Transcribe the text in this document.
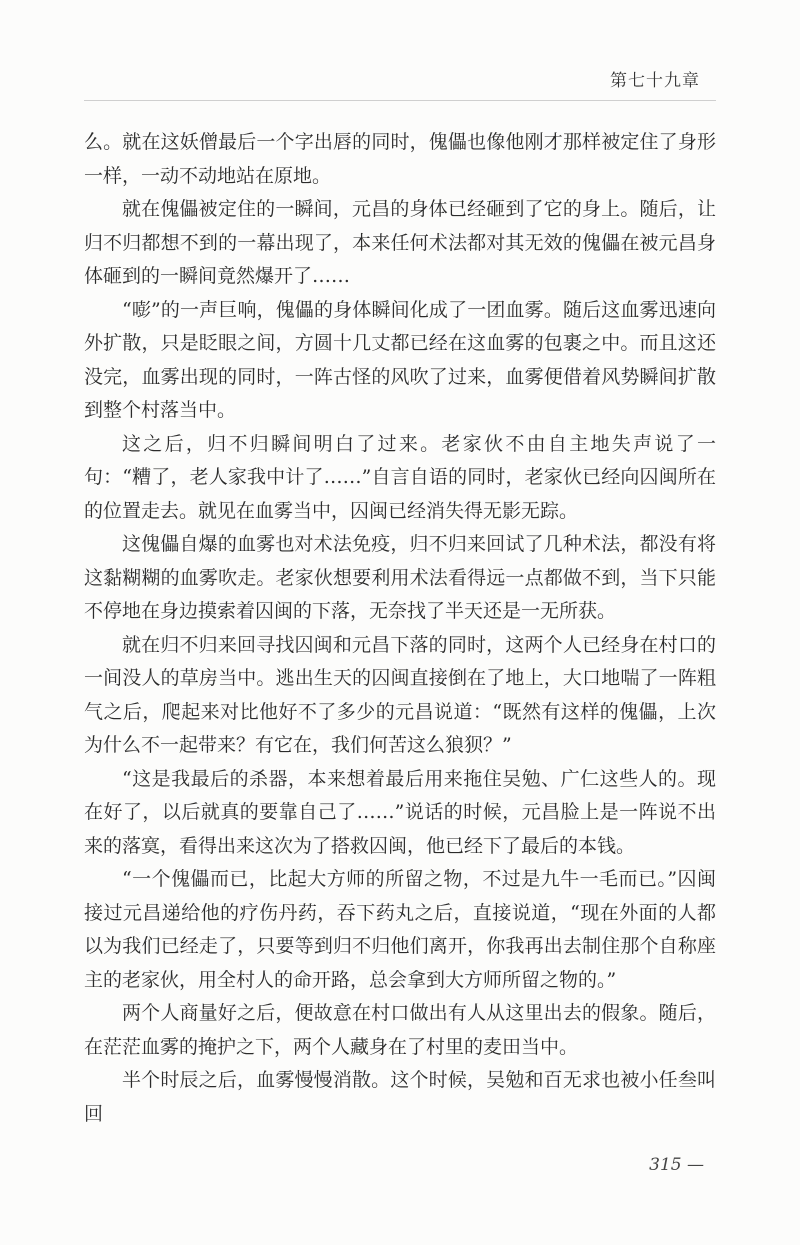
第七十九章

么。就在这妖僧最后一个字出唇的同时，傀儡也像他刚才那样被定住了身形一样，一动不动地站在原地。

就在傀儡被定住的一瞬间，元昌的身体已经砸到了它的身上。随后，让归不归都想不到的一幕出现了，本来任何术法都对其无效的傀儡在被元昌身体砸到的一瞬间竟然爆开了……

“嘭”的一声巨响，傀儡的身体瞬间化成了一团血雾。随后这血雾迅速向外扩散，只是眨眼之间，方圆十几丈都已经在这血雾的包裹之中。而且这还没完，血雾出现的同时，一阵古怪的风吹了过来，血雾便借着风势瞬间扩散到整个村落当中。

这之后，归不归瞬间明白了过来。老家伙不由自主地失声说了一句：“糟了，老人家我中计了……”自言自语的同时，老家伙已经向囚闽所在的位置走去。就见在血雾当中，囚闽已经消失得无影无踪。

这傀儡自爆的血雾也对术法免疫，归不归来回试了几种术法，都没有将这黏糊糊的血雾吹走。老家伙想要利用术法看得远一点都做不到，当下只能不停地在身边摸索着囚闽的下落，无奈找了半天还是一无所获。

就在归不归来回寻找囚闽和元昌下落的同时，这两个人已经身在村口的一间没人的草房当中。逃出生天的囚闽直接倒在了地上，大口地喘了一阵粗气之后，爬起来对比他好不了多少的元昌说道：“既然有这样的傀儡，上次为什么不一起带来？有它在，我们何苦这么狼狈？”

“这是我最后的杀器，本来想着最后用来拖住吴勉、广仁这些人的。现在好了，以后就真的要靠自己了……”说话的时候，元昌脸上是一阵说不出来的落寞，看得出来这次为了搭救囚闽，他已经下了最后的本钱。

“一个傀儡而已，比起大方师的所留之物，不过是九牛一毛而已。”囚闽接过元昌递给他的疗伤丹药，吞下药丸之后，直接说道，“现在外面的人都以为我们已经走了，只要等到归不归他们离开，你我再出去制住那个自称座主的老家伙，用全村人的命开路，总会拿到大方师所留之物的。”

两个人商量好之后，便故意在村口做出有人从这里出去的假象。随后，在茫茫血雾的掩护之下，两个人藏身在了村里的麦田当中。

半个时辰之后，血雾慢慢消散。这个时候，吴勉和百无求也被小任叁叫回

315 —
